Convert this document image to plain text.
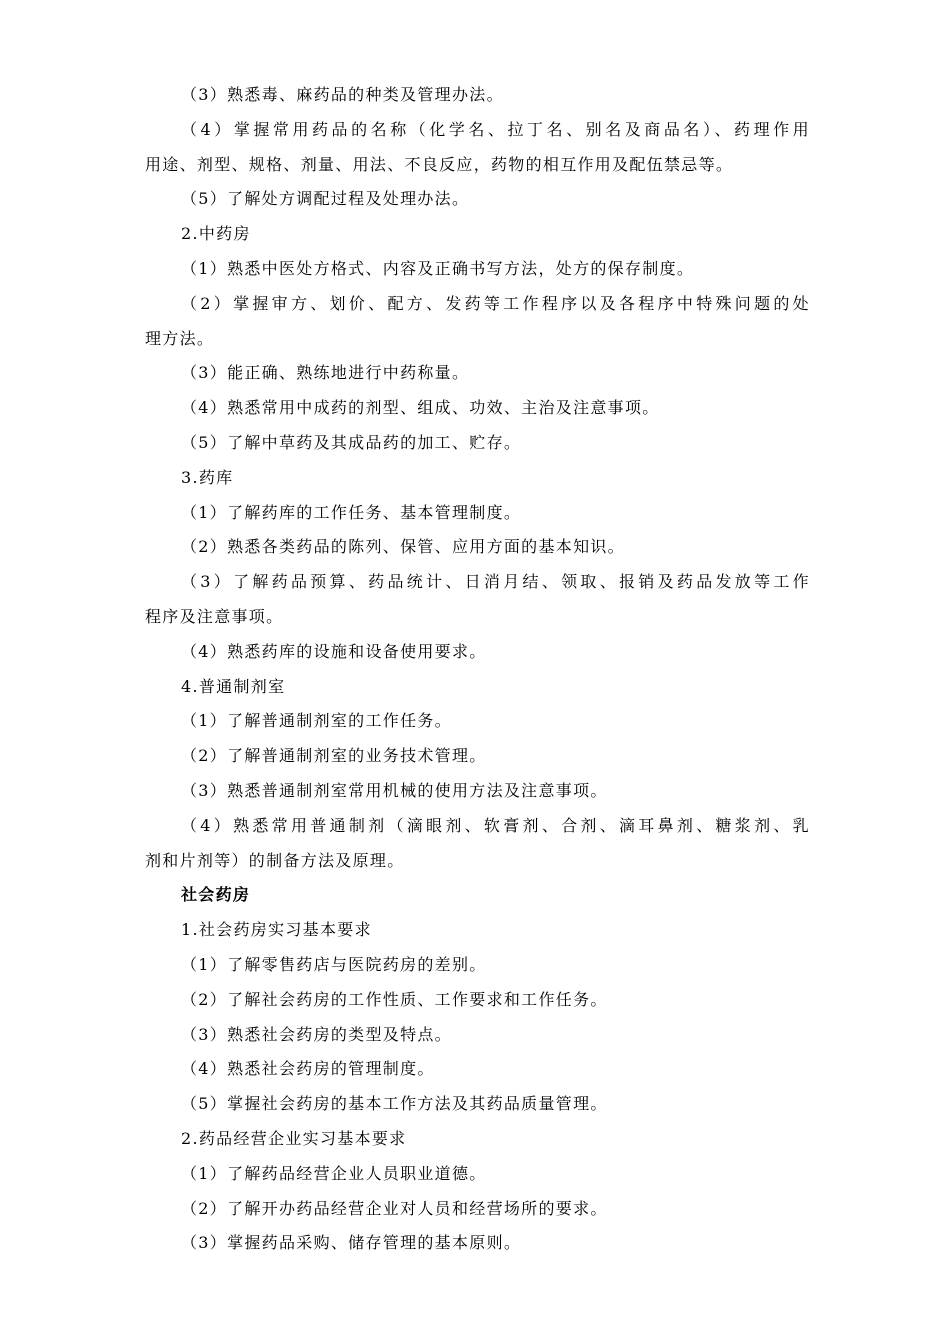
（3）熟悉毒、麻药品的种类及管理办法。
（4）掌握常用药品的名称（化学名、拉丁名、别名及商品名）、药理作用
用途、剂型、规格、剂量、用法、不良反应，药物的相互作用及配伍禁忌等。
（5）了解处方调配过程及处理办法。
2.中药房
（1）熟悉中医处方格式、内容及正确书写方法，处方的保存制度。
（2）掌握审方、划价、配方、发药等工作程序以及各程序中特殊问题的处
理方法。
（3）能正确、熟练地进行中药称量。
（4）熟悉常用中成药的剂型、组成、功效、主治及注意事项。
（5）了解中草药及其成品药的加工、贮存。
3.药库
（1）了解药库的工作任务、基本管理制度。
（2）熟悉各类药品的陈列、保管、应用方面的基本知识。
（3）了解药品预算、药品统计、日消月结、领取、报销及药品发放等工作
程序及注意事项。
（4）熟悉药库的设施和设备使用要求。
4.普通制剂室
（1）了解普通制剂室的工作任务。
（2）了解普通制剂室的业务技术管理。
（3）熟悉普通制剂室常用机械的使用方法及注意事项。
（4）熟悉常用普通制剂（滴眼剂、软膏剂、合剂、滴耳鼻剂、糖浆剂、乳
剂和片剂等）的制备方法及原理。
社会药房
1.社会药房实习基本要求
（1）了解零售药店与医院药房的差别。
（2）了解社会药房的工作性质、工作要求和工作任务。
（3）熟悉社会药房的类型及特点。
（4）熟悉社会药房的管理制度。
（5）掌握社会药房的基本工作方法及其药品质量管理。
2.药品经营企业实习基本要求
（1）了解药品经营企业人员职业道德。
（2）了解开办药品经营企业对人员和经营场所的要求。
（3）掌握药品采购、储存管理的基本原则。
